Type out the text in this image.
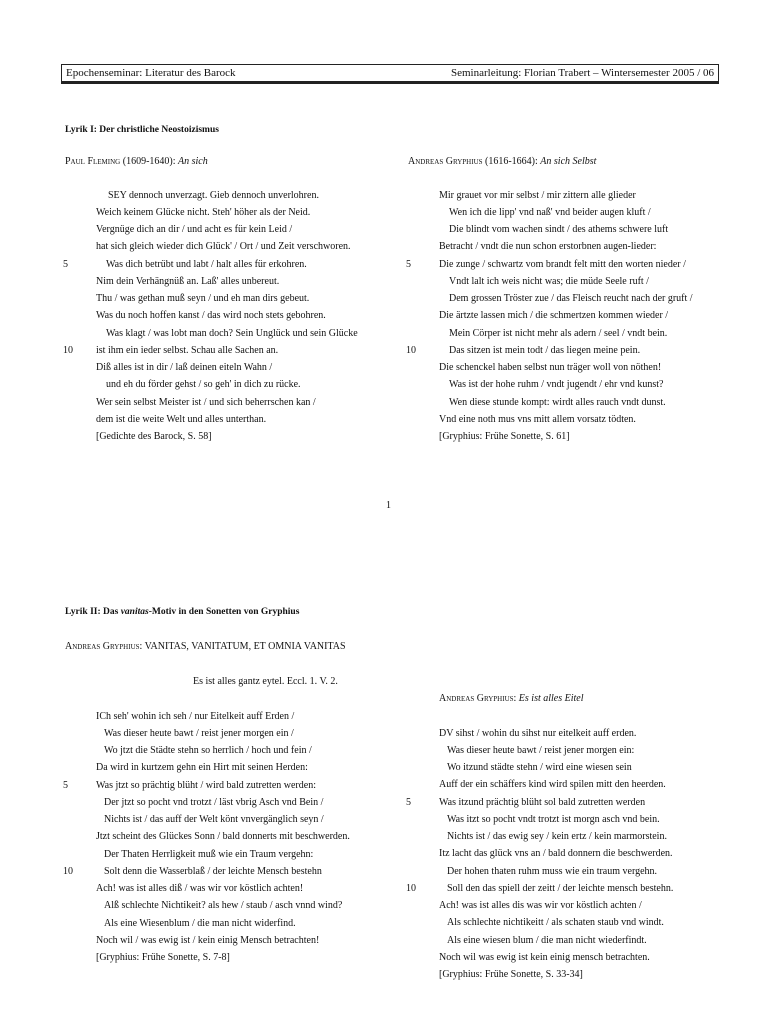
Epochenseminar: Literatur des Barock	Seminarleitung: Florian Trabert – Wintersemester 2005 / 06
Lyrik I: Der christliche Neostoizismus
Paul Fleming (1609-1640): An sich	Andreas Gryphius (1616-1664): An sich Selbst
SEY dennoch unverzagt. Gieb dennoch unverlohren.
Weich keinem Glücke nicht. Steh' höher als der Neid.
Vergnüge dich an dir / und acht es für kein Leid /
hat sich gleich wieder dich Glück' / Ort / und Zeit verschworen.
Was dich betrübt und labt / halt alles für erkohren.
Nim dein Verhängnüß an. Laß' alles unbereut.
Thu / was gethan muß seyn / und eh man dirs gebeut.
Was du noch hoffen kanst / das wird noch stets gebohren.
Was klagt / was lobt man doch? Sein Unglück und sein Glücke
ist ihm ein ieder selbst. Schau alle Sachen an.
Diß alles ist in dir / laß deinen eiteln Wahn /
und eh du förder gehst / so geh' in dich zu rücke.
Wer sein selbst Meister ist / und sich beherrschen kan /
dem ist die weite Welt und alles unterthan.
[Gedichte des Barock, S. 58]
5
10
Mir grauet vor mir selbst / mir zittern alle glieder
Wen ich die lipp' vnd naß' vnd beider augen kluft /
Die blindt vom wachen sindt / des athems schwere luft
Betracht / vndt die nun schon erstorbnen augen-lieder:
Die zunge / schwartz vom brandt felt mitt den worten nieder /
Vndt lalt ich weis nicht was; die müde Seele ruft /
Dem grossen Tröster zue / das Fleisch reucht nach der gruft /
Die ärtzte lassen mich / die schmertzen kommen wieder /
Mein Cörper ist nicht mehr als adern / seel / vndt bein.
Das sitzen ist mein todt / das liegen meine pein.
Die schenckel haben selbst nun träger woll von nöthen!
Was ist der hohe ruhm / vndt jugendt / ehr vnd kunst?
Wen diese stunde kompt: wirdt alles rauch vndt dunst.
Vnd eine noth mus vns mitt allem vorsatz tödten.
[Gryphius: Frühe Sonette, S. 61]
5
10
1
Lyrik II: Das vanitas-Motiv in den Sonetten von Gryphius
Andreas Gryphius: VANITAS, VANITATUM, ET OMNIA VANITAS
Es ist alles gantz eytel. Eccl. 1. V. 2.
Andreas Gryphius: Es ist alles Eitel
ICh seh' wohin ich seh / nur Eitelkeit auff Erden /
Was dieser heute bawt / reist jener morgen ein /
Wo jtzt die Städte stehn so herrlich / hoch und fein /
Da wird in kurtzem gehn ein Hirt mit seinen Herden:
Was jtzt so prächtig blüht / wird bald zutretten werden:
Der jtzt so pocht vnd trotzt / läst vbrig Asch vnd Bein /
Nichts ist / das auff der Welt könt vnvergänglich seyn /
Jtzt scheint des Glückes Sonn / bald donnerts mit beschwerden.
Der Thaten Herrligkeit muß wie ein Traum vergehn:
Solt denn die Wasserblaß / der leichte Mensch bestehn
Ach! was ist alles diß / was wir vor köstlich achten!
Alß schlechte Nichtikeit? als hew / staub / asch vnnd wind?
Als eine Wiesenblum / die man nicht widerfind.
Noch wil / was ewig ist / kein einig Mensch betrachten!
[Gryphius: Frühe Sonette, S. 7-8]
5
10
DV sihst / wohin du sihst nur eitelkeit auff erden.
Was dieser heute bawt / reist jener morgen ein:
Wo itzund städte stehn / wird eine wiesen sein
Auff der ein schäffers kind wird spilen mitt den heerden.
Was itzund prächtig blüht sol bald zutretten werden
Was itzt so pocht vndt trotzt ist morgn asch vnd bein.
Nichts ist / das ewig sey / kein ertz / kein marmorstein.
Itz lacht das glück vns an / bald donnern die beschwerden.
Der hohen thaten ruhm muss wie ein traum vergehn.
Soll den das spiell der zeitt / der leichte mensch bestehn.
Ach! was ist alles dis was wir vor köstlich achten /
Als schlechte nichtikeitt / als schaten staub vnd windt.
Als eine wiesen blum / die man nicht wiederfindt.
Noch wil was ewig ist kein einig mensch betrachten.
[Gryphius: Frühe Sonette, S. 33-34]
5
10
